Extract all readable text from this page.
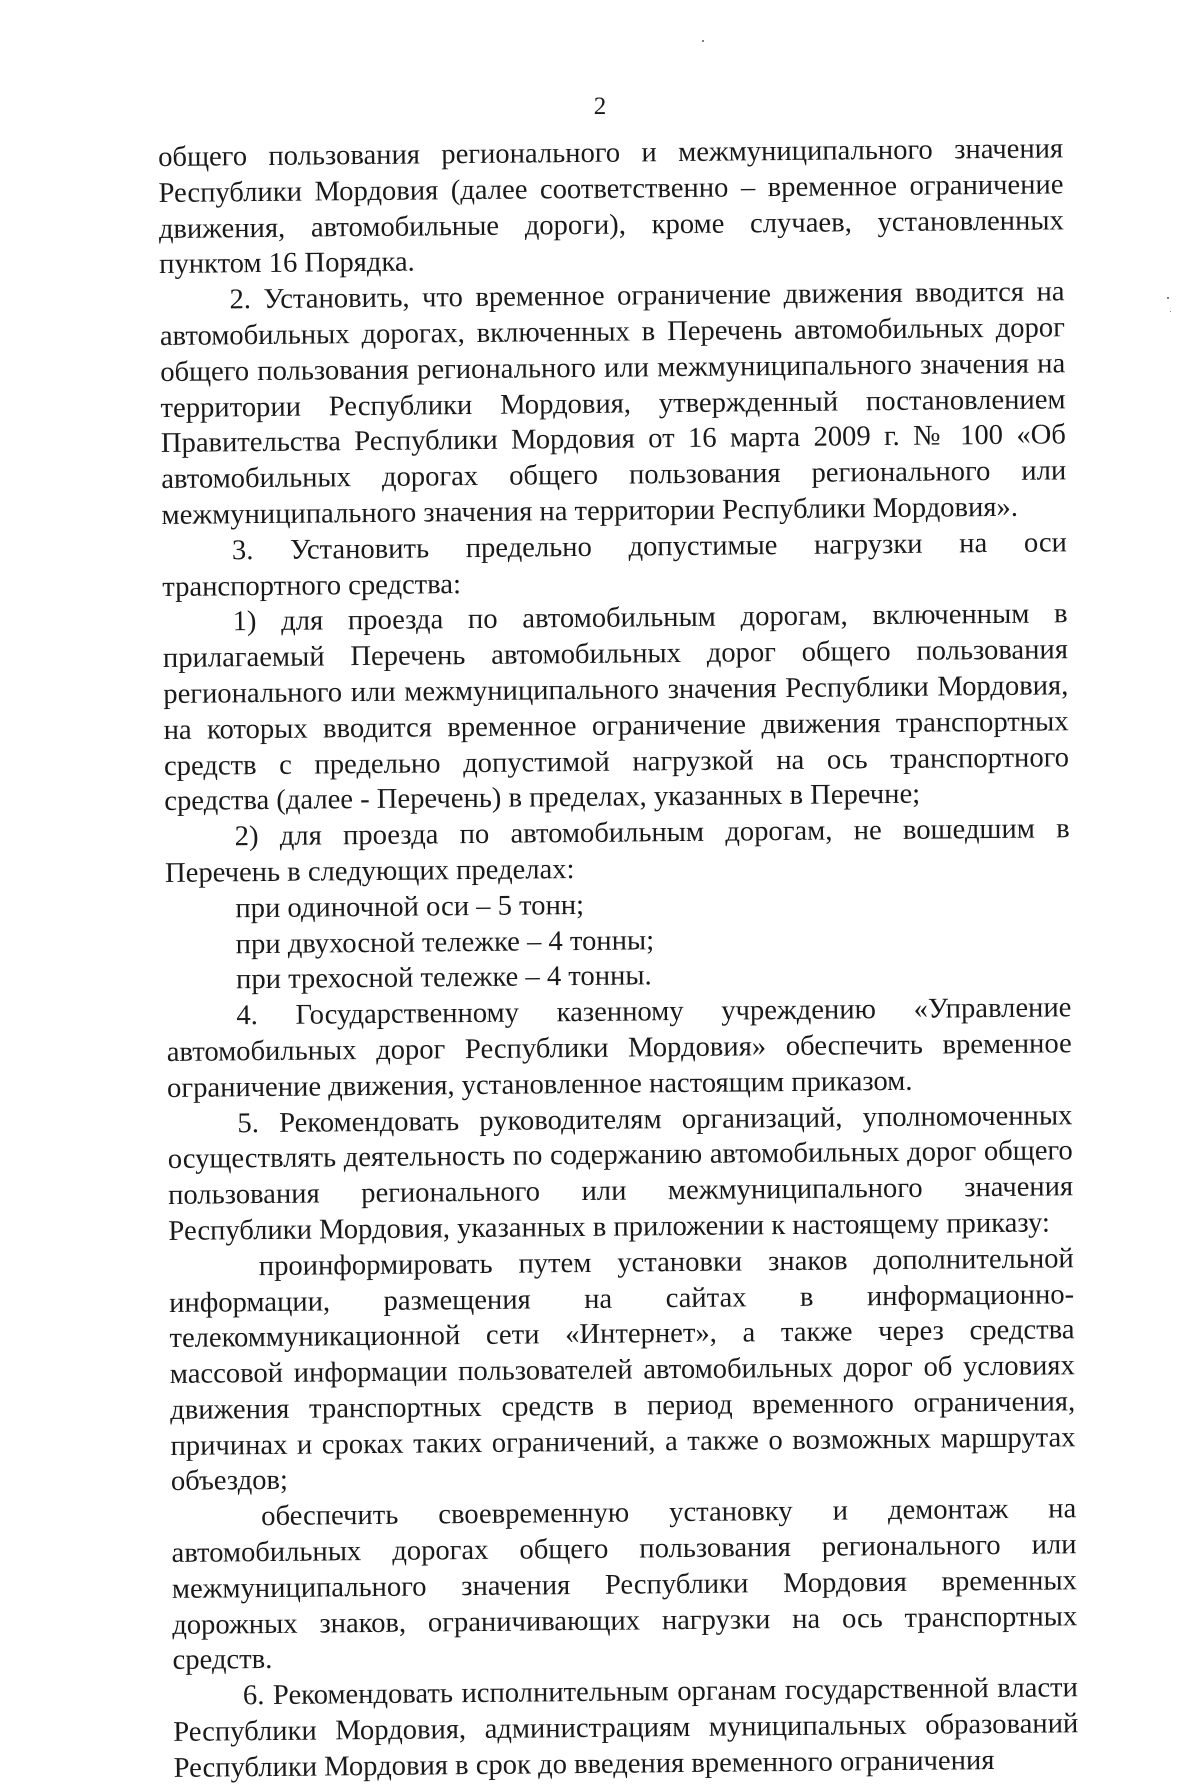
2

общего пользования регионального и межмуниципального значения Республики Мордовия (далее соответственно – временное ограничение движения, автомобильные дороги), кроме случаев, установленных пунктом 16 Порядка.

2. Установить, что временное ограничение движения вводится на автомобильных дорогах, включенных в Перечень автомобильных дорог общего пользования регионального или межмуниципального значения на территории Республики Мордовия, утвержденный постановлением Правительства Республики Мордовия от 16 марта 2009 г. № 100 «Об автомобильных дорогах общего пользования регионального или межмуниципального значения на территории Республики Мордовия».

3. Установить предельно допустимые нагрузки на оси транспортного средства:

1) для проезда по автомобильным дорогам, включенным в прилагаемый Перечень автомобильных дорог общего пользования регионального или межмуниципального значения Республики Мордовия, на которых вводится временное ограничение движения транспортных средств с предельно допустимой нагрузкой на ось транспортного средства (далее - Перечень) в пределах, указанных в Перечне;

2) для проезда по автомобильным дорогам, не вошедшим в Перечень в следующих пределах:

при одиночной оси – 5 тонн;

при двухосной тележке – 4 тонны;

при трехосной тележке – 4 тонны.

4. Государственному казенному учреждению «Управление автомобильных дорог Республики Мордовия» обеспечить временное ограничение движения, установленное настоящим приказом.

5. Рекомендовать руководителям организаций, уполномоченных осуществлять деятельность по содержанию автомобильных дорог общего пользования регионального или межмуниципального значения Республики Мордовия, указанных в приложении к настоящему приказу:

проинформировать путем установки знаков дополнительной информации, размещения на сайтах в информационно-телекоммуникационной сети «Интернет», а также через средства массовой информации пользователей автомобильных дорог об условиях движения транспортных средств в период временного ограничения, причинах и сроках таких ограничений, а также о возможных маршрутах объездов;

обеспечить своевременную установку и демонтаж на автомобильных дорогах общего пользования регионального или межмуниципального значения Республики Мордовия временных дорожных знаков, ограничивающих нагрузки на ось транспортных средств.

6. Рекомендовать исполнительным органам государственной власти Республики Мордовия, администрациям муниципальных образований Республики Мордовия в срок до введения временного ограничения
